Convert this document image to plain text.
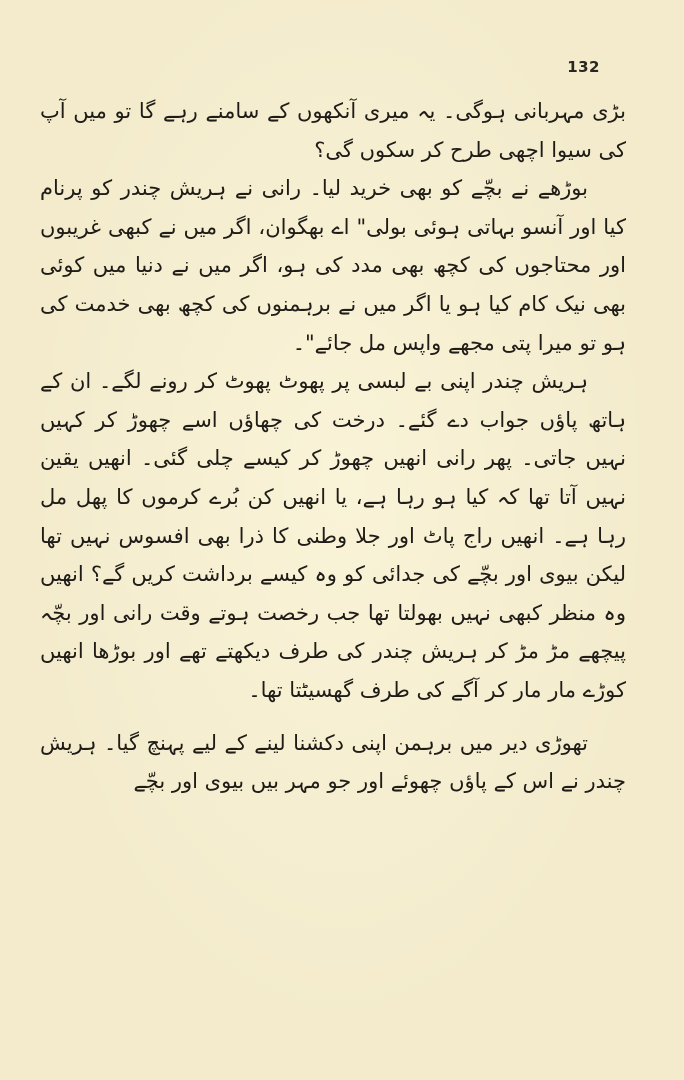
132

بڑی مہربانی ہوگی۔ یہ میری آنکھوں کے سامنے رہے گا تو میں آپ کی سیوا اچھی طرح کر سکوں گی؟

بوڑھے نے بچّے کو بھی خرید لیا۔ رانی نے ہریش چندر کو پرنام کیا اور آنسو بہاتی ہوئی بولی" اے بھگوان، اگر میں نے کبھی غریبوں اور محتاجوں کی کچھ بھی مدد کی ہو، اگر میں نے دنیا میں کوئی بھی نیک کام کیا ہو یا اگر میں نے برہمنوں کی کچھ بھی خدمت کی ہو تو میرا پتی مجھے واپس مل جائے"۔

ہریش چندر اپنی بے لبسی پر پھوٹ پھوٹ کر رونے لگے۔ ان کے ہاتھ پاؤں جواب دے گئے۔ درخت کی چھاؤں اسے چھوڑ کر کہیں نہیں جاتی۔ پھر رانی انھیں چھوڑ کر کیسے چلی گئی۔ انھیں یقین نہیں آتا تھا کہ کیا ہو رہا ہے، یا انھیں کن بُرے کرموں کا پھل مل رہا ہے۔ انھیں راج پاٹ اور جلا وطنی کا ذرا بھی افسوس نہیں تھا لیکن بیوی اور بچّے کی جدائی کو وہ کیسے برداشت کریں گے؟ انھیں وہ منظر کبھی نہیں بھولتا تھا جب رخصت ہوتے وقت رانی اور بچّہ پیچھے مڑ مڑ کر ہریش چندر کی طرف دیکھتے تھے اور بوڑھا انھیں کوڑے مار مار کر آگے کی طرف گھسیٹتا تھا۔

تھوڑی دیر میں برہمن اپنی دکشنا لینے کے لیے پہنچ گیا۔ ہریش چندر نے اس کے پاؤں چھوئے اور جو مہر بیں بیوی اور بچّے
